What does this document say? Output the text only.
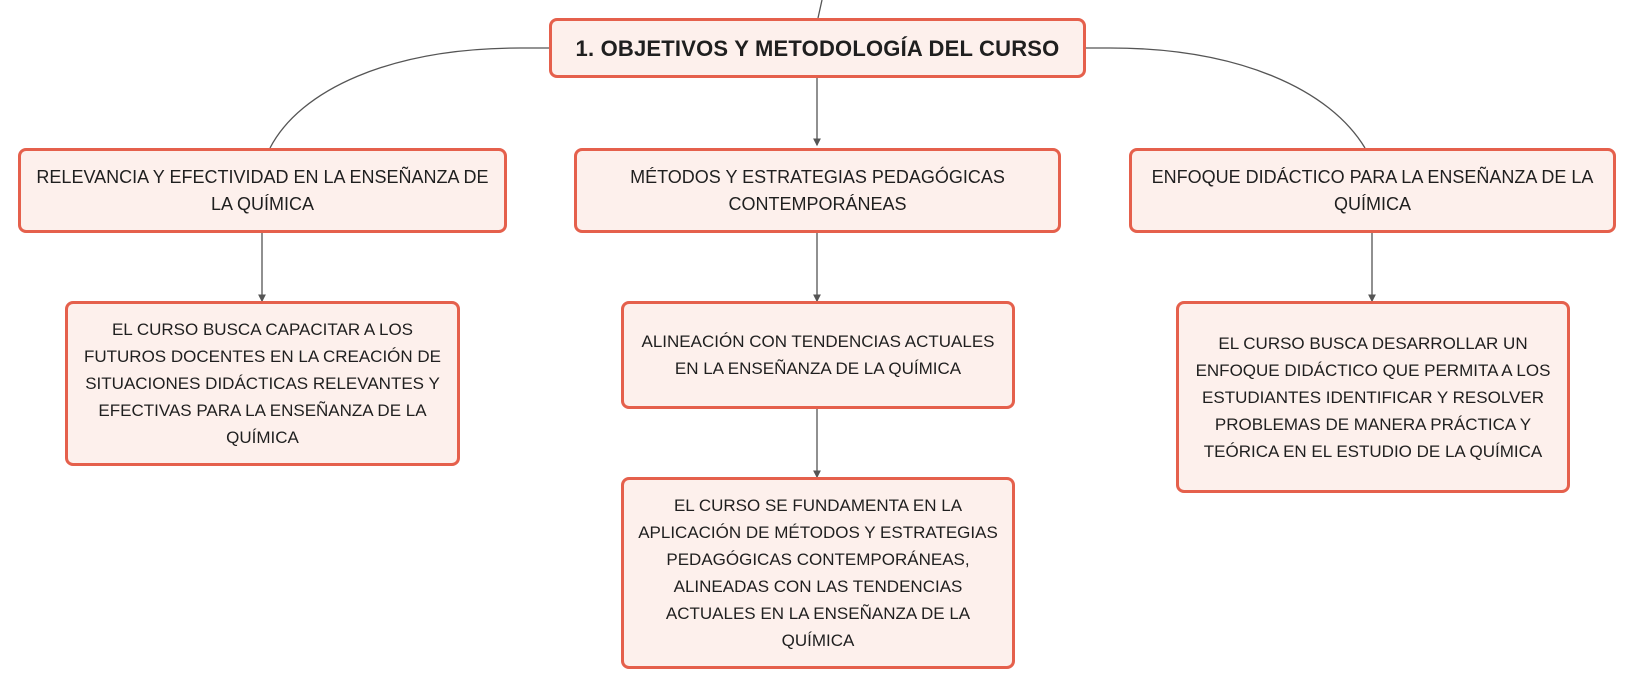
1. OBJETIVOS Y METODOLOGÍA DEL CURSO
RELEVANCIA Y EFECTIVIDAD EN LA ENSEÑANZA DE LA QUÍMICA
MÉTODOS Y ESTRATEGIAS PEDAGÓGICAS CONTEMPORÁNEAS
ENFOQUE DIDÁCTICO PARA LA ENSEÑANZA DE LA QUÍMICA
EL CURSO BUSCA CAPACITAR A LOS FUTUROS DOCENTES EN LA CREACIÓN DE SITUACIONES DIDÁCTICAS RELEVANTES Y EFECTIVAS PARA LA ENSEÑANZA DE LA QUÍMICA
ALINEACIÓN CON TENDENCIAS ACTUALES EN LA ENSEÑANZA DE LA QUÍMICA
EL CURSO SE FUNDAMENTA EN LA APLICACIÓN DE MÉTODOS Y ESTRATEGIAS PEDAGÓGICAS CONTEMPORÁNEAS, ALINEADAS CON LAS TENDENCIAS ACTUALES EN LA ENSEÑANZA DE LA QUÍMICA
EL CURSO BUSCA DESARROLLAR UN ENFOQUE DIDÁCTICO QUE PERMITA A LOS ESTUDIANTES IDENTIFICAR Y RESOLVER PROBLEMAS DE MANERA PRÁCTICA Y TEÓRICA EN EL ESTUDIO DE LA QUÍMICA
